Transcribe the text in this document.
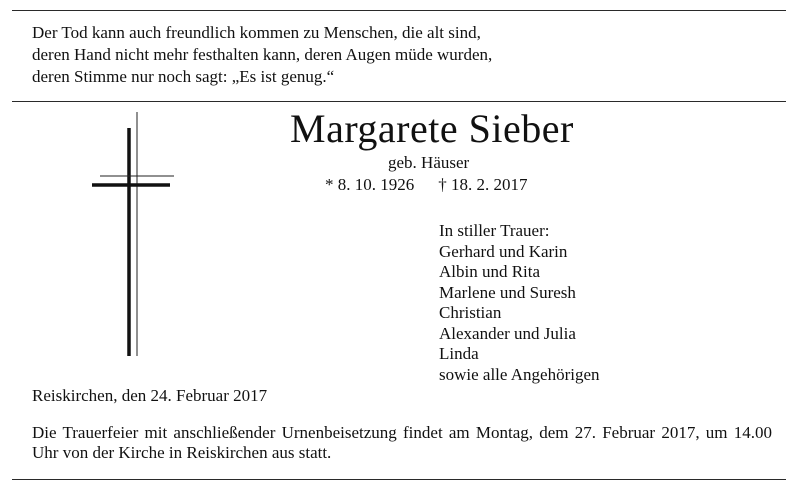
Der Tod kann auch freundlich kommen zu Menschen, die alt sind,
deren Hand nicht mehr festhalten kann, deren Augen müde wurden,
deren Stimme nur noch sagt: „Es ist genug.“
Margarete Sieber
geb. Häuser
* 8. 10. 1926 † 18. 2. 2017
In stiller Trauer:
Gerhard und Karin
Albin und Rita
Marlene und Suresh
Christian
Alexander und Julia
Linda
sowie alle Angehörigen
Reiskirchen, den 24. Februar 2017
Die Trauerfeier mit anschließender Urnenbeisetzung findet am Montag, dem 27. Februar 2017, um 14.00 Uhr von der Kirche in Reiskirchen aus statt.
